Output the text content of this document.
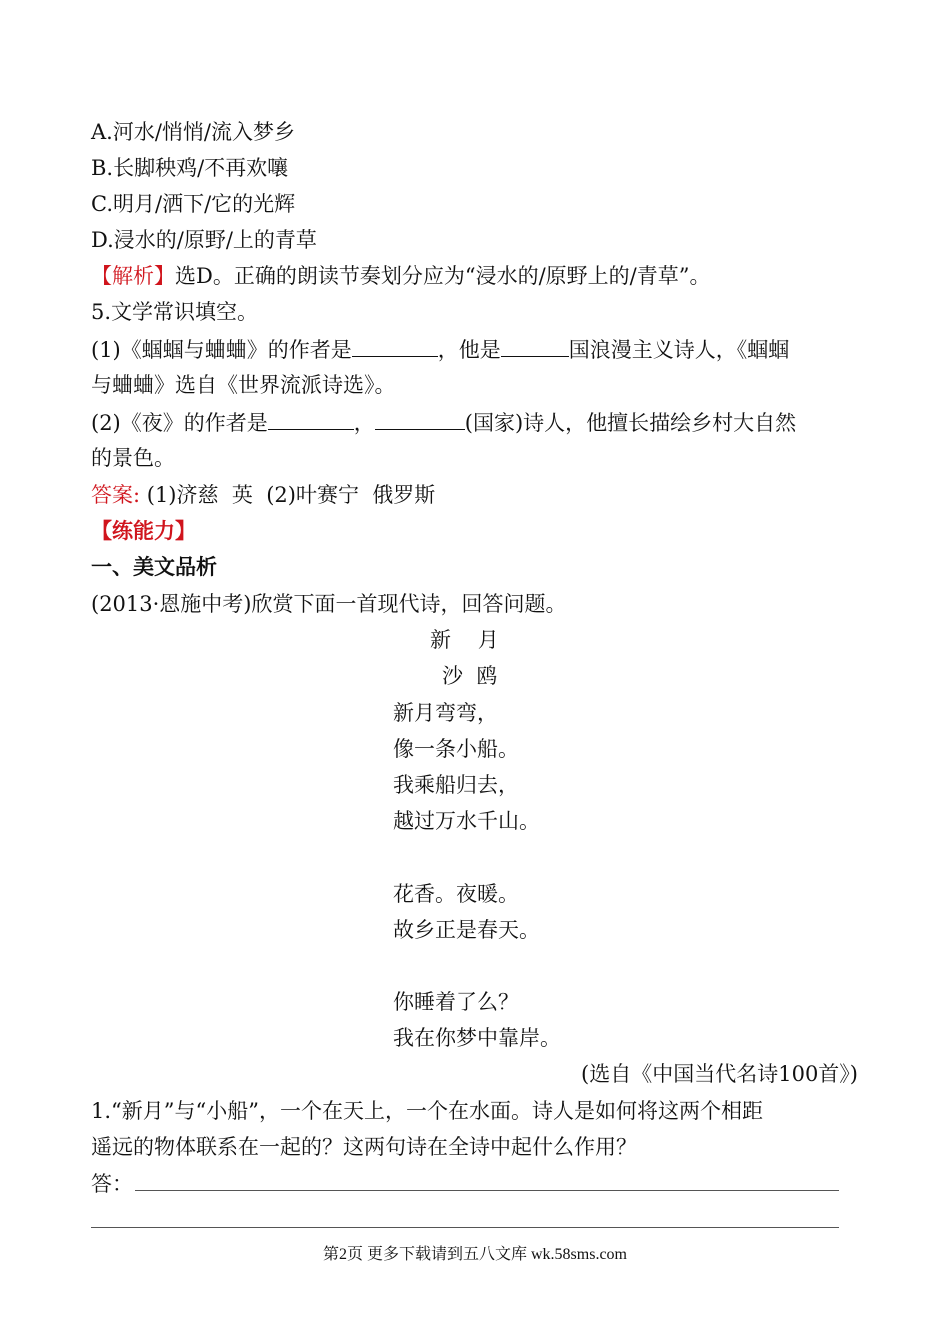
A.河水/悄悄/流入梦乡
B.长脚秧鸡/不再欢嚷
C.明月/洒下/它的光辉
D.浸水的/原野/上的青草
【解析】选D。正确的朗读节奏划分应为“浸水的/原野上的/青草”。
5.文学常识填空。
(1)《蝈蝈与蛐蛐》的作者是	，他是	国浪漫主义诗人，《蝈蝈
与蛐蛐》选自《世界流派诗选》。
(2)《夜》的作者是	，	(国家)诗人，他擅长描绘乡村大自然
的景色。
答案: (1)济慈  英  (2)叶赛宁  俄罗斯
【练能力】
一、美文品析
(2013·恩施中考)欣赏下面一首现代诗，回答问题。
新    月
沙  鸥
新月弯弯，
像一条小船。
我乘船归去，
越过万水千山。
花香。夜暖。
故乡正是春天。
你睡着了么？
我在你梦中靠岸。
(选自《中国当代名诗100首》)
1.“新月”与“小船”，一个在天上，一个在水面。诗人是如何将这两个相距
遥远的物体联系在一起的？这两句诗在全诗中起什么作用？
答：
第2页 更多下载请到五八文库 wk.58sms.com
